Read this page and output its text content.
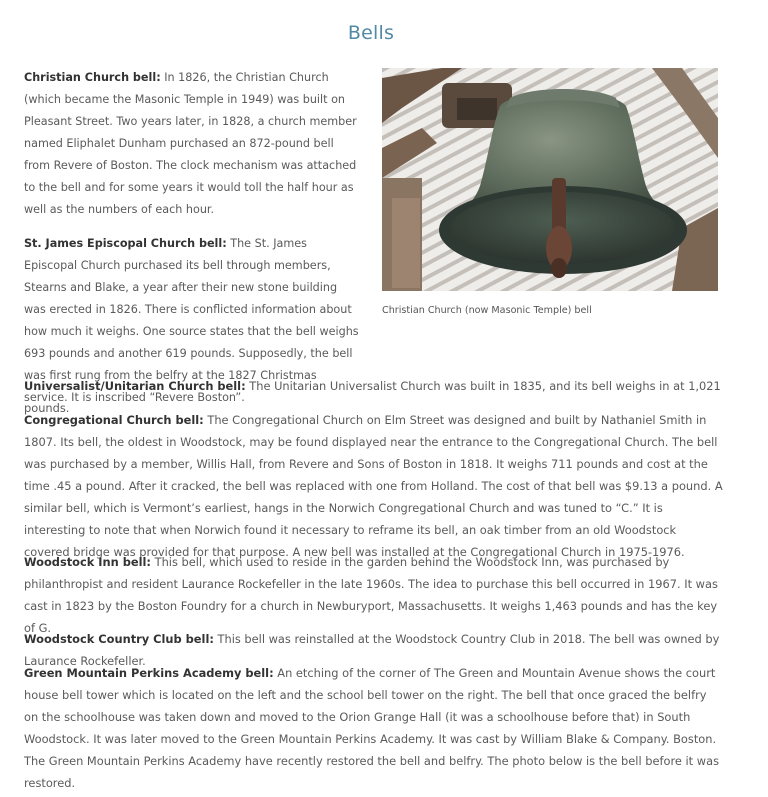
Bells

Christian Church bell: In 1826, the Christian Church (which became the Masonic Temple in 1949) was built on Pleasant Street. Two years later, in 1828, a church member named Eliphalet Dunham purchased an 872-pound bell from Revere of Boston. The clock mechanism was attached to the bell and for some years it would toll the half hour as well as the numbers of each hour.

St. James Episcopal Church bell: The St. James Episcopal Church purchased its bell through members, Stearns and Blake, a year after their new stone building was erected in 1826. There is conflicted information about how much it weighs. One source states that the bell weighs 693 pounds and another 619 pounds. Supposedly, the bell was first rung from the belfry at the 1827 Christmas service. It is inscribed “Revere Boston”.

Christian Church (now Masonic Temple) bell

Universalist/Unitarian Church bell: The Unitarian Universalist Church was built in 1835, and its bell weighs in at 1,021 pounds.

Congregational Church bell: The Congregational Church on Elm Street was designed and built by Nathaniel Smith in 1807. Its bell, the oldest in Woodstock, may be found displayed near the entrance to the Congregational Church. The bell was purchased by a member, Willis Hall, from Revere and Sons of Boston in 1818. It weighs 711 pounds and cost at the time .45 a pound. After it cracked, the bell was replaced with one from Holland. The cost of that bell was $9.13 a pound. A similar bell, which is Vermont’s earliest, hangs in the Norwich Congregational Church and was tuned to “C.” It is interesting to note that when Norwich found it necessary to reframe its bell, an oak timber from an old Woodstock covered bridge was provided for that purpose. A new bell was installed at the Congregational Church in 1975-1976.

Woodstock Inn bell: This bell, which used to reside in the garden behind the Woodstock Inn, was purchased by philanthropist and resident Laurance Rockefeller in the late 1960s. The idea to purchase this bell occurred in 1967. It was cast in 1823 by the Boston Foundry for a church in Newburyport, Massachusetts. It weighs 1,463 pounds and has the key of G.

Woodstock Country Club bell: This bell was reinstalled at the Woodstock Country Club in 2018. The bell was owned by Laurance Rockefeller.

Green Mountain Perkins Academy bell: An etching of the corner of The Green and Mountain Avenue shows the court house bell tower which is located on the left and the school bell tower on the right. The bell that once graced the belfry on the schoolhouse was taken down and moved to the Orion Grange Hall (it was a schoolhouse before that) in South Woodstock. It was later moved to the Green Mountain Perkins Academy. It was cast by William Blake & Company. Boston. The Green Mountain Perkins Academy have recently restored the bell and belfry. The photo below is the bell before it was restored.
